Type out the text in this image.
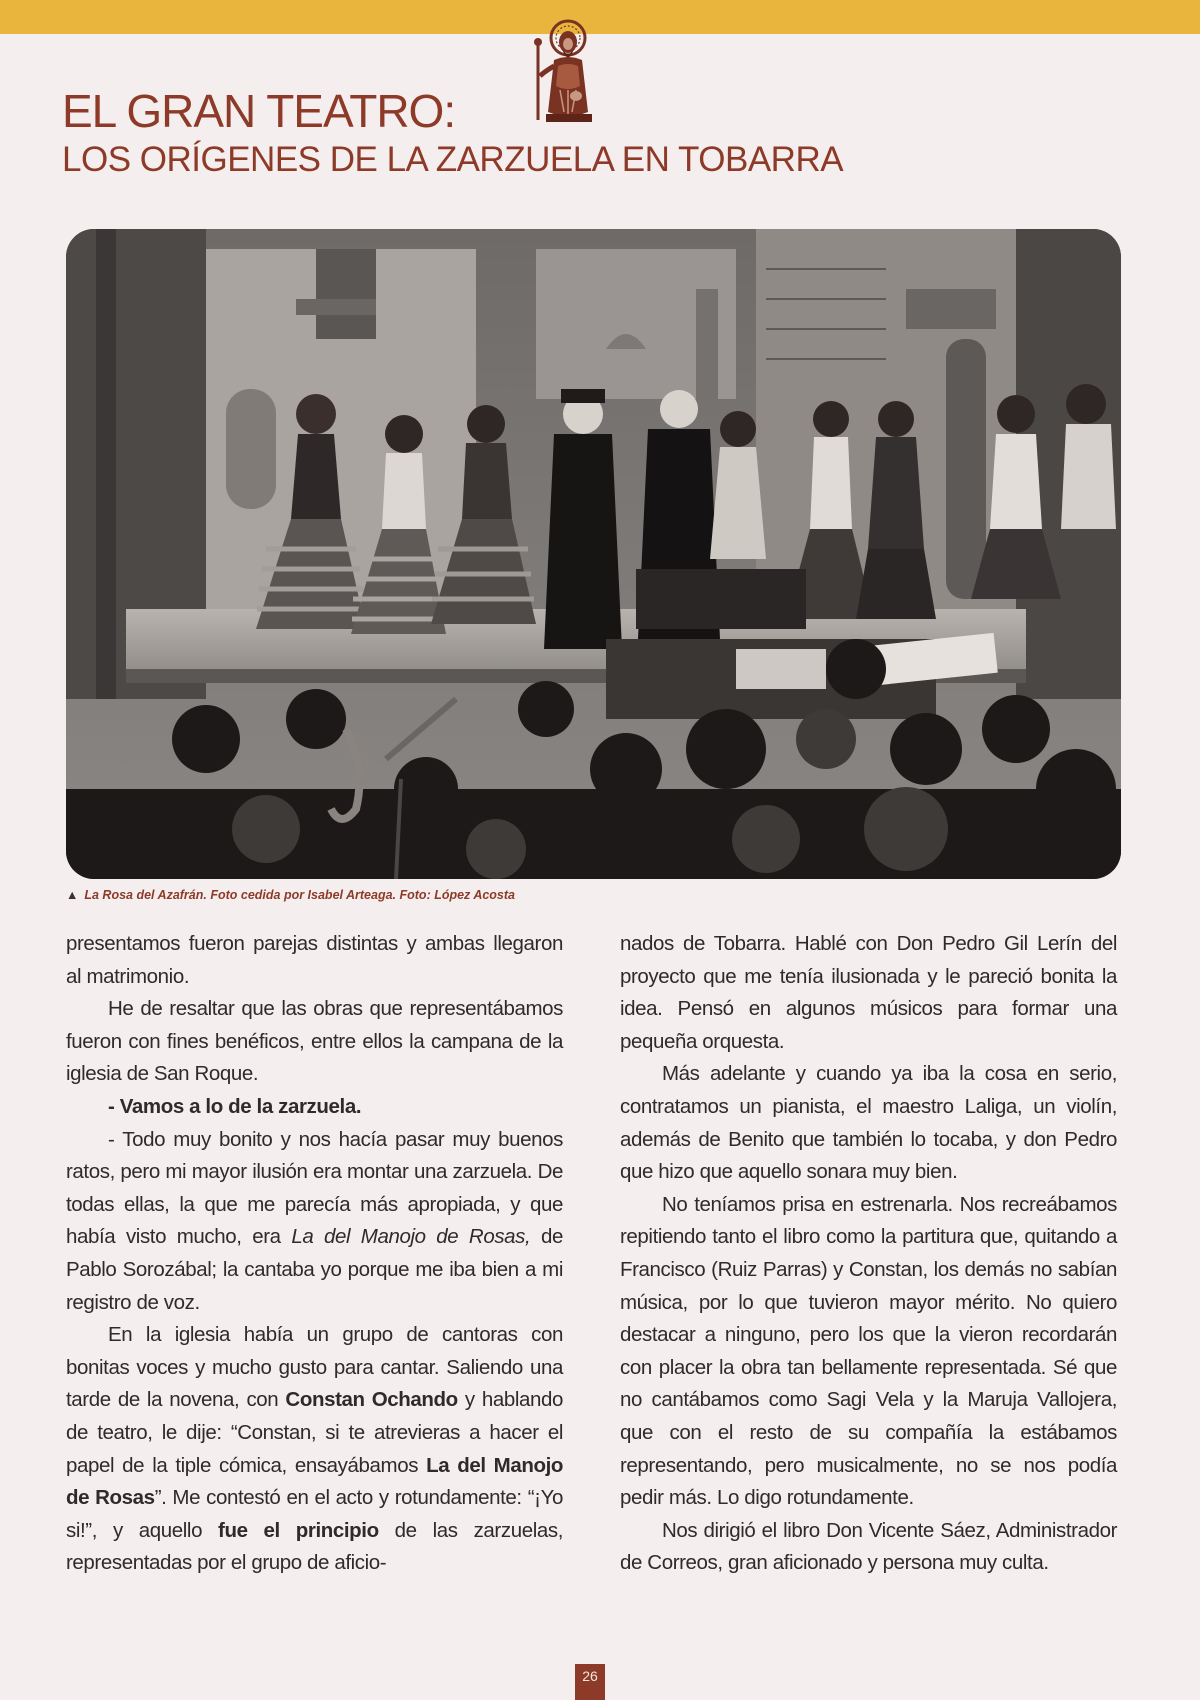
EL GRAN TEATRO:
LOS ORÍGENES DE LA ZARZUELA EN TOBARRA
▲ La Rosa del Azafrán. Foto cedida por Isabel Arteaga. Foto: López Acosta

presentamos fueron parejas distintas y ambas llegaron al matrimonio.

He de resaltar que las obras que representábamos fueron con fines benéficos, entre ellos la campana de la iglesia de San Roque.

- Vamos a lo de la zarzuela.

- Todo muy bonito y nos hacía pasar muy buenos ratos, pero mi mayor ilusión era montar una zarzuela. De todas ellas, la que me parecía más apropiada, y que había visto mucho, era La del Manojo de Rosas, de Pablo Sorozábal; la cantaba yo porque me iba bien a mi registro de voz.

En la iglesia había un grupo de cantoras con bonitas voces y mucho gusto para cantar. Saliendo una tarde de la novena, con Constan Ochando y hablando de teatro, le dije: “Constan, si te atrevieras a hacer el papel de la tiple cómica, ensayábamos La del Manojo de Rosas”. Me contestó en el acto y rotundamente: “¡Yo si!”, y aquello fue el principio de las zarzuelas, representadas por el grupo de aficio-

nados de Tobarra. Hablé con Don Pedro Gil Lerín del proyecto que me tenía ilusionada y le pareció bonita la idea. Pensó en algunos músicos para formar una pequeña orquesta.

Más adelante y cuando ya iba la cosa en serio, contratamos un pianista, el maestro Laliga, un violín, además de Benito que también lo tocaba, y don Pedro que hizo que aquello sonara muy bien.

No teníamos prisa en estrenarla. Nos recreábamos repitiendo tanto el libro como la partitura que, quitando a Francisco (Ruiz Parras) y Constan, los demás no sabían música, por lo que tuvieron mayor mérito. No quiero destacar a ninguno, pero los que la vieron recordarán con placer la obra tan bellamente representada. Sé que no cantábamos como Sagi Vela y la Maruja Vallojera, que con el resto de su compañía la estábamos representando, pero musicalmente, no se nos podía pedir más. Lo digo rotundamente.

Nos dirigió el libro Don Vicente Sáez, Administrador de Correos, gran aficionado y persona muy culta.

26
